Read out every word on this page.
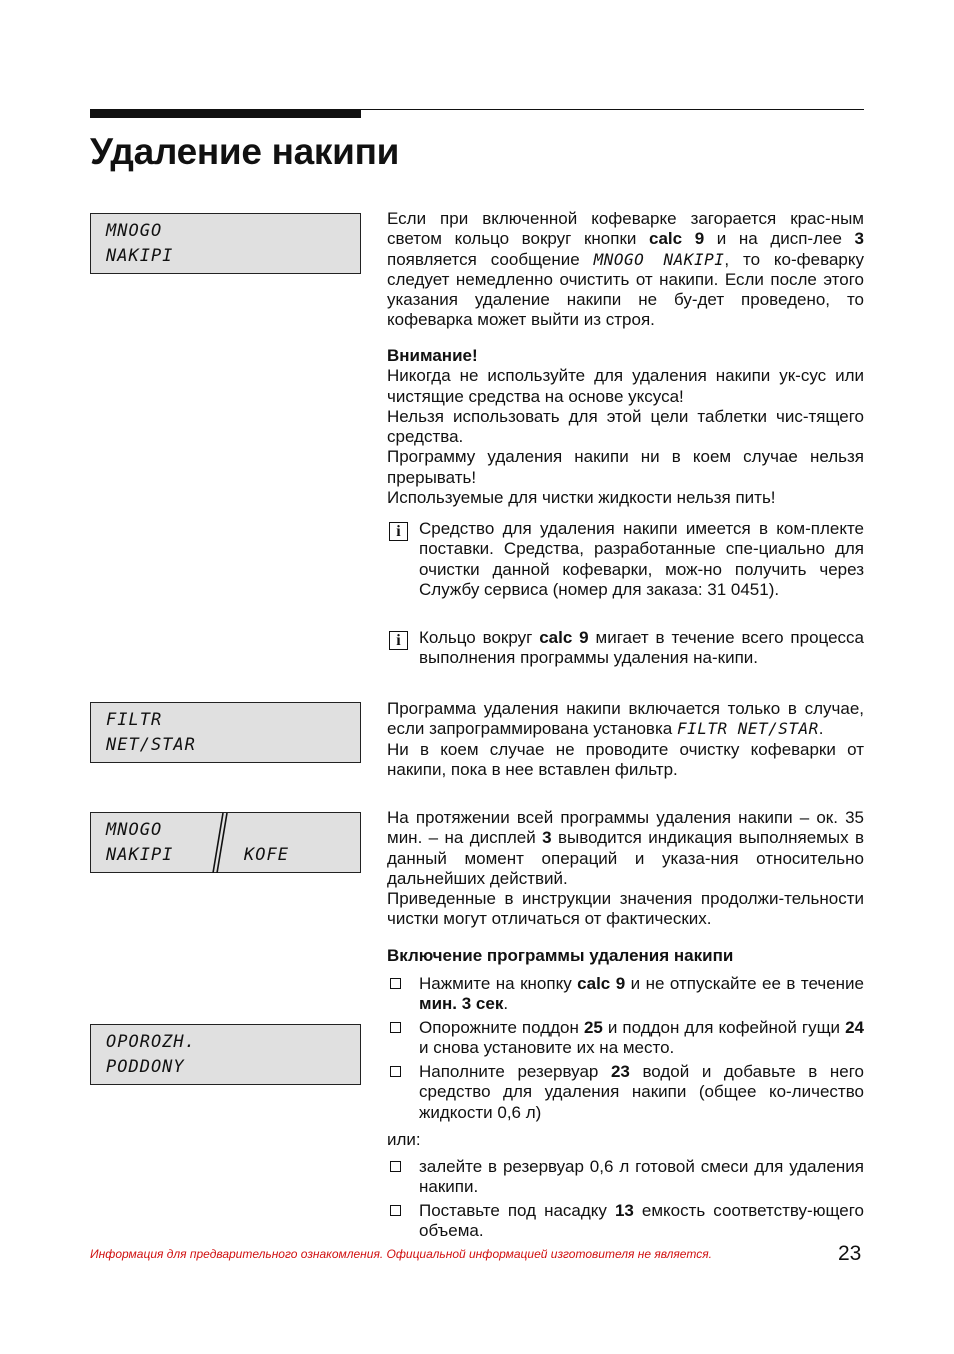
Удаление накипи
MNOGO
NAKIPI
FILTR
NET/STAR
MNOGO
NAKIPI	KOFE
OPOROZH.
PODDONY

Если при включенной кофеварке загорается крас-ным светом кольцо вокруг кнопки calc 9 и на дисп-лее 3 появляется сообщение MNOGO NAKIPI, то ко-феварку следует немедленно очистить от накипи. Если после этого указания удаление накипи не бу-дет проведено, то кофеварка может выйти из строя.

Внимание!

Никогда не используйте для удаления накипи ук-сус или чистящие средства на основе уксуса!

Нельзя использовать для этой цели таблетки чис-тящего средства.

Программу удаления накипи ни в коем случае нельзя прерывать!

Используемые для чистки жидкости нельзя пить!

i	Средство для удаления накипи имеется в ком-плекте поставки. Средства, разработанные спе-циально для очистки данной кофеварки, мож-но получить через Службу сервиса (номер для заказа: 31 0451).

i	Кольцо вокруг calc 9 мигает в течение всего процесса выполнения программы удаления на-кипи.

Программа удаления накипи включается только в случае, если запрограммирована установка FILTR NET/STAR.

Ни в коем случае не проводите очистку кофеварки от накипи, пока в нее вставлен фильтр.

На протяжении всей программы удаления накипи – ок. 35 мин. – на дисплей 3 выводится индикация выполняемых в данный момент операций и указа-ния относительно дальнейших действий.

Приведенные в инструкции значения продолжи-тельности чистки могут отличаться от фактических.

Включение программы удаления накипи

Нажмите на кнопку calc 9 и не отпускайте ее в течение мин. 3 сек.

Опорожните поддон 25 и поддон для кофейной гущи 24 и снова установите их на место.

Наполните резервуар 23 водой и добавьте в него средство для удаления накипи (общее ко-личество жидкости 0,6 л)

или:

залейте в резервуар 0,6 л готовой смеси для удаления накипи.

Поставьте под насадку 13 емкость соответству-ющего объема.

Информация для предварительного ознакомления. Официальной информацией изготовителя не является.	23
